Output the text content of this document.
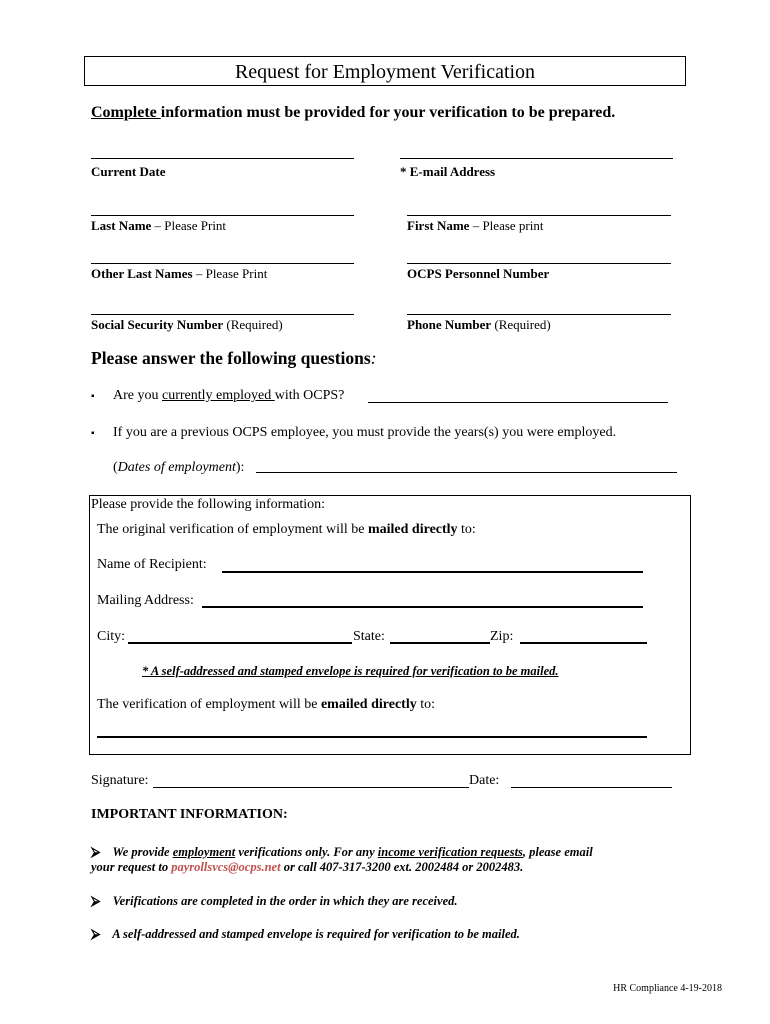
Request for Employment Verification
Complete information must be provided for your verification to be prepared.
Current Date	* E-mail Address
Last Name – Please Print	First Name – Please print
Other Last Names – Please Print	OCPS Personnel Number
Social Security Number (Required)	Phone Number (Required)
Please answer the following questions:
▪ Are you currently employed with OCPS?
▪ If you are a previous OCPS employee, you must provide the years(s) you were employed.
(Dates of employment):
Please provide the following information:
The original verification of employment will be mailed directly to:
Name of Recipient:
Mailing Address:
City:	State:	Zip:
* A self-addressed and stamped envelope is required for verification to be mailed.
The verification of employment will be emailed directly to:
Signature:	Date:
IMPORTANT INFORMATION:
⮚ We provide employment verifications only. For any income verification requests, please email
your request to payrollsvcs@ocps.net or call 407-317-3200 ext. 2002484 or 2002483.
⮚ Verifications are completed in the order in which they are received.
⮚ A self-addressed and stamped envelope is required for verification to be mailed.
HR Compliance 4-19-2018
